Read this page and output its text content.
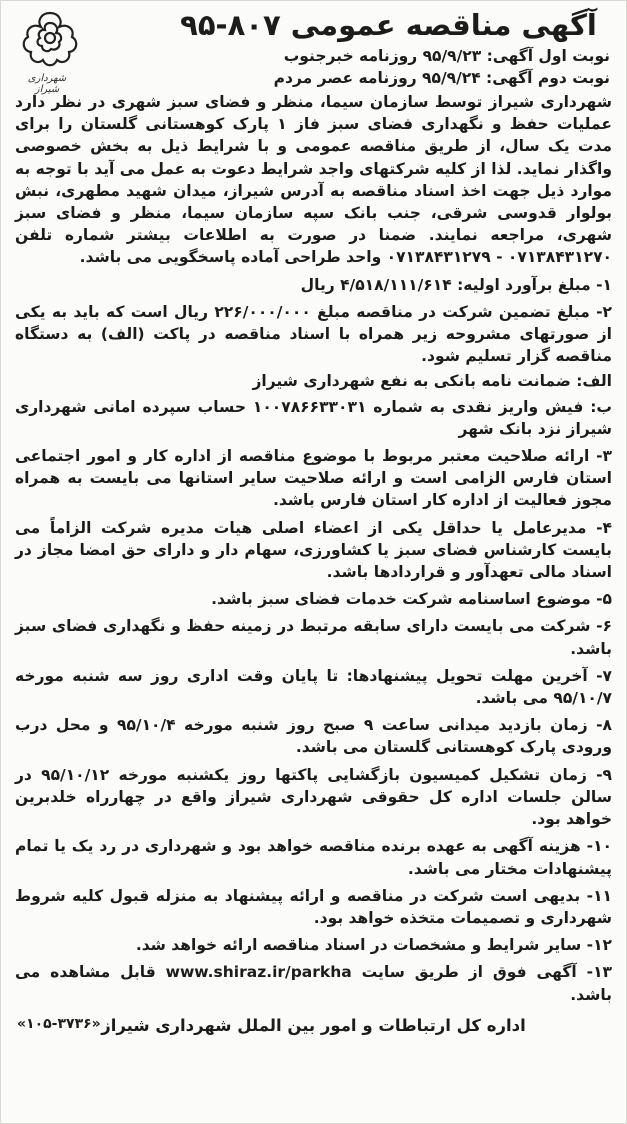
آگهی مناقصه عمومی ۸۰۷-۹۵
شهرداری شیراز
نوبت اول آگهی: ۹۵/۹/۲۳ روزنامه خبرجنوب
نوبت دوم آگهی: ۹۵/۹/۲۴ روزنامه عصر مردم
شهرداری شیراز توسط سازمان سیما، منظر و فضای سبز شهری در نظر دارد عملیات حفظ و نگهداری فضای سبز فاز ۱ پارک کوهستانی گلستان را برای مدت یک سال، از طریق مناقصه عمومی و با شرایط ذیل به بخش خصوصی واگذار نماید. لذا از کلیه شرکتهای واجد شرایط دعوت به عمل می آید با توجه به موارد ذیل جهت اخذ اسناد مناقصه به آدرس شیراز، میدان شهید مطهری، نبش بولوار قدوسی شرقی، جنب بانک سپه سازمان سیما، منظر و فضای سبز شهری، مراجعه نمایند. ضمنا در صورت به اطلاعات بیشتر شماره تلفن ۰۷۱۳۸۴۳۱۲۷۰ - ۰۷۱۳۸۴۳۱۲۷۹ واحد طراحی آماده پاسخگویی می باشد.
۱- مبلغ برآورد اولیه: ۴/۵۱۸/۱۱۱/۶۱۴ ریال
۲- مبلغ تضمین شرکت در مناقصه مبلغ ۲۲۶/۰۰۰/۰۰۰ ریال است که باید به یکی از صورتهای مشروحه زیر همراه با اسناد مناقصه در پاکت (الف) به دستگاه مناقصه گزار تسلیم شود.
الف: ضمانت نامه بانکی به نفع شهرداری شیراز
ب: فیش واریز نقدی به شماره ۱۰۰۷۸۶۶۳۳۰۳۱ حساب سپرده امانی شهرداری شیراز نزد بانک شهر
۳- ارائه صلاحیت معتبر مربوط با موضوع مناقصه از اداره کار و امور اجتماعی استان فارس الزامی است و ارائه صلاحیت سایر استانها می بایست به همراه مجوز فعالیت از اداره کار استان فارس باشد.
۴- مدیرعامل یا حداقل یکی از اعضاء اصلی هیات مدیره شرکت الزاماً می بایست کارشناس فضای سبز یا کشاورزی، سهام دار و دارای حق امضا مجاز در اسناد مالی تعهدآور و قراردادها باشد.
۵- موضوع اساسنامه شرکت خدمات فضای سبز باشد.
۶- شرکت می بایست دارای سابقه مرتبط در زمینه حفظ و نگهداری فضای سبز باشد.
۷- آخرین مهلت تحویل پیشنهادها: تا پایان وقت اداری روز سه شنبه مورخه ۹۵/۱۰/۷ می باشد.
۸- زمان بازدید میدانی ساعت ۹ صبح روز شنبه مورخه ۹۵/۱۰/۴ و محل درب ورودی پارک کوهستانی گلستان می باشد.
۹- زمان تشکیل کمیسیون بازگشایی پاکتها روز یکشنبه مورخه ۹۵/۱۰/۱۲ در سالن جلسات اداره کل حقوقی شهرداری شیراز واقع در چهارراه خلدبرین خواهد بود.
۱۰- هزینه آگهی به عهده برنده مناقصه خواهد بود و شهرداری در رد یک یا تمام پیشنهادات مختار می باشد.
۱۱- بدیهی است شرکت در مناقصه و ارائه پیشنهاد به منزله قبول کلیه شروط شهرداری و تصمیمات متخذه خواهد بود.
۱۲- سایر شرایط و مشخصات در اسناد مناقصه ارائه خواهد شد.
۱۳- آگهی فوق از طریق سایت www.shiraz.ir/parkha قابل مشاهده می باشد.
اداره کل ارتباطات و امور بین الملل شهرداری شیراز
«۱۰۵-۳۷۳۶»
